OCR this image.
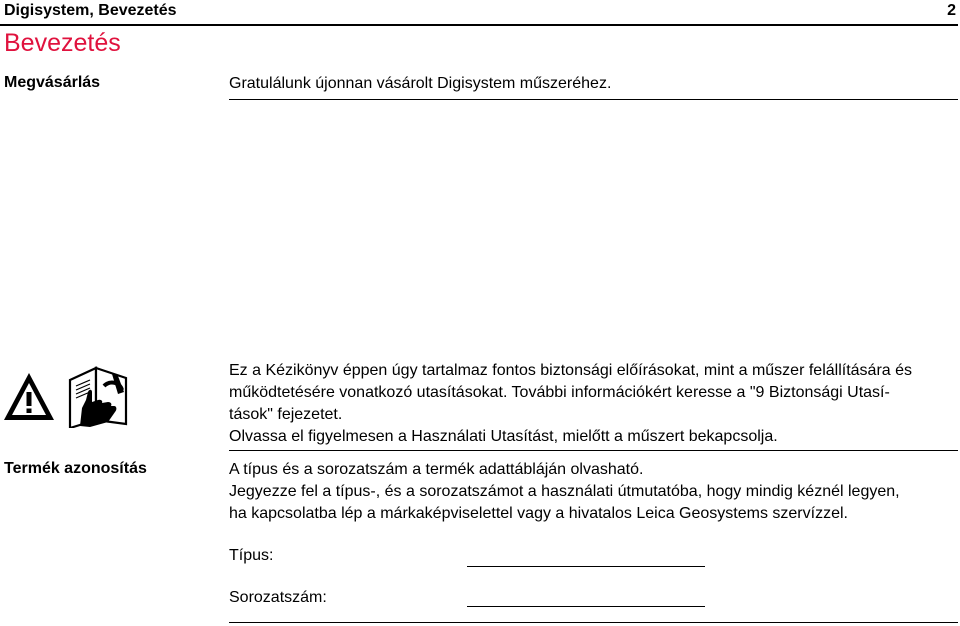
Digisystem, Bevezetés	2
Bevezetés
Megvásárlás	Gratulálunk újonnan vásárolt Digisystem műszeréhez.
Ez a Kézikönyv éppen úgy tartalmaz fontos biztonsági előírásokat, mint a műszer felállítására és
működtetésére vonatkozó utasításokat. További információkért keresse a "9 Biztonsági Utasí-
tások" fejezetet.
Olvassa el figyelmesen a Használati Utasítást, mielőtt a műszert bekapcsolja.
Termék azonosítás	A típus és a sorozatszám a termék adattábláján olvasható.
Jegyezze fel a típus-, és a sorozatszámot a használati útmutatóba, hogy mindig kéznél legyen,
ha kapcsolatba lép a márkaképviselettel vagy a hivatalos Leica Geosystems szervízzel.
Típus:
Sorozatszám:
